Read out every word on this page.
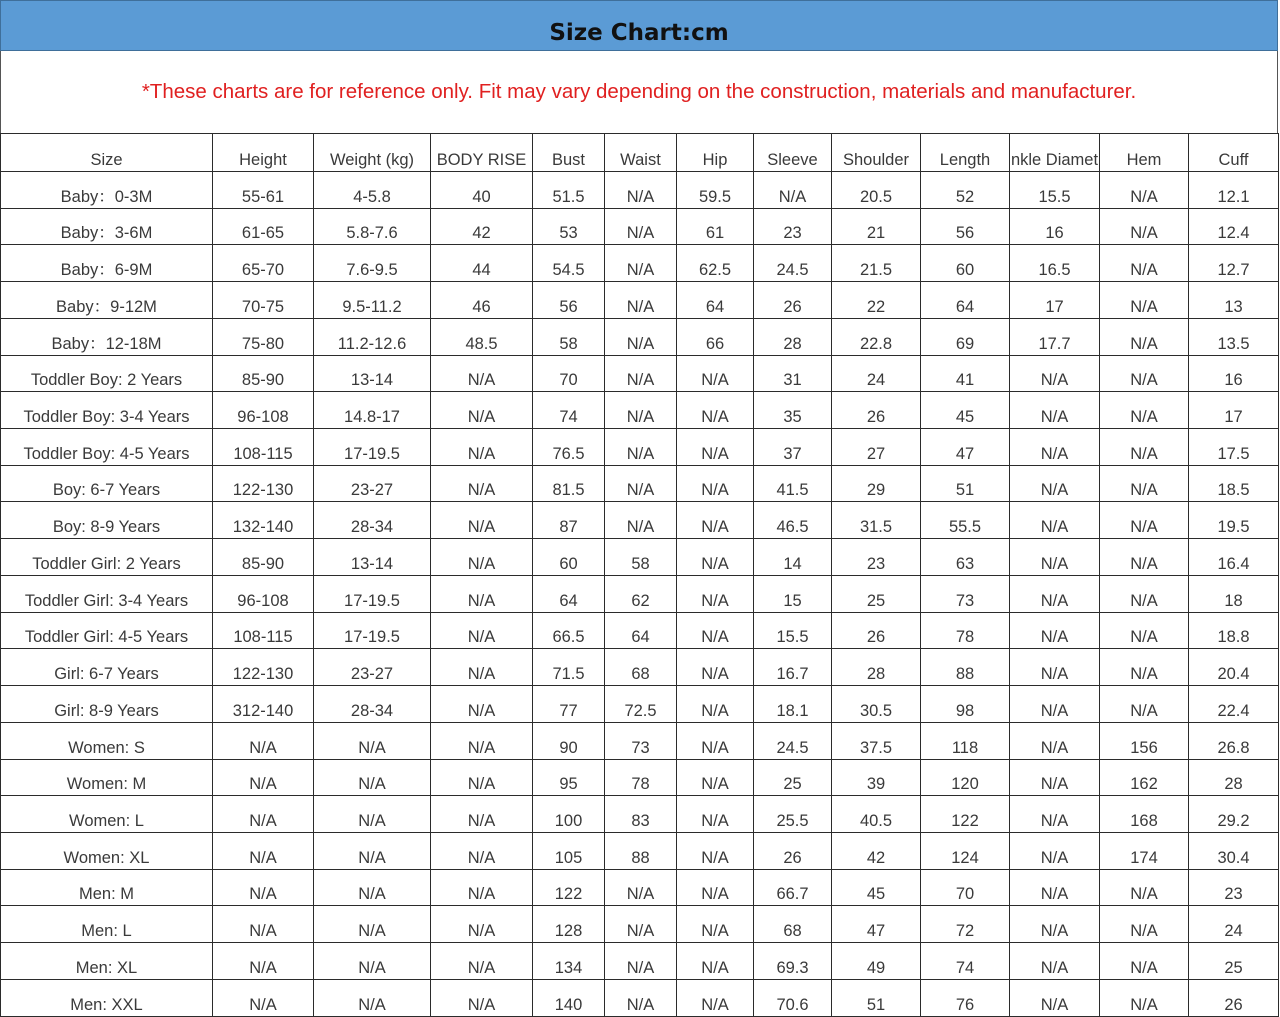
Size Chart:cm
*These charts are for reference only. Fit may vary depending on the construction, materials and manufacturer.
Size	Height	Weight (kg)	BODY RISE	Bust	Waist	Hip	Sleeve	Shoulder	Length	nkle Diamet	Hem	Cuff
Baby：0-3M	55-61	4-5.8	40	51.5	N/A	59.5	N/A	20.5	52	15.5	N/A	12.1
Baby：3-6M	61-65	5.8-7.6	42	53	N/A	61	23	21	56	16	N/A	12.4
Baby：6-9M	65-70	7.6-9.5	44	54.5	N/A	62.5	24.5	21.5	60	16.5	N/A	12.7
Baby：9-12M	70-75	9.5-11.2	46	56	N/A	64	26	22	64	17	N/A	13
Baby：12-18M	75-80	11.2-12.6	48.5	58	N/A	66	28	22.8	69	17.7	N/A	13.5
Toddler Boy: 2 Years	85-90	13-14	N/A	70	N/A	N/A	31	24	41	N/A	N/A	16
Toddler Boy: 3-4 Years	96-108	14.8-17	N/A	74	N/A	N/A	35	26	45	N/A	N/A	17
Toddler Boy: 4-5 Years	108-115	17-19.5	N/A	76.5	N/A	N/A	37	27	47	N/A	N/A	17.5
Boy: 6-7 Years	122-130	23-27	N/A	81.5	N/A	N/A	41.5	29	51	N/A	N/A	18.5
Boy: 8-9 Years	132-140	28-34	N/A	87	N/A	N/A	46.5	31.5	55.5	N/A	N/A	19.5
Toddler Girl: 2 Years	85-90	13-14	N/A	60	58	N/A	14	23	63	N/A	N/A	16.4
Toddler Girl: 3-4 Years	96-108	17-19.5	N/A	64	62	N/A	15	25	73	N/A	N/A	18
Toddler Girl: 4-5 Years	108-115	17-19.5	N/A	66.5	64	N/A	15.5	26	78	N/A	N/A	18.8
Girl: 6-7 Years	122-130	23-27	N/A	71.5	68	N/A	16.7	28	88	N/A	N/A	20.4
Girl: 8-9 Years	312-140	28-34	N/A	77	72.5	N/A	18.1	30.5	98	N/A	N/A	22.4
Women: S	N/A	N/A	N/A	90	73	N/A	24.5	37.5	118	N/A	156	26.8
Women: M	N/A	N/A	N/A	95	78	N/A	25	39	120	N/A	162	28
Women: L	N/A	N/A	N/A	100	83	N/A	25.5	40.5	122	N/A	168	29.2
Women: XL	N/A	N/A	N/A	105	88	N/A	26	42	124	N/A	174	30.4
Men: M	N/A	N/A	N/A	122	N/A	N/A	66.7	45	70	N/A	N/A	23
Men: L	N/A	N/A	N/A	128	N/A	N/A	68	47	72	N/A	N/A	24
Men: XL	N/A	N/A	N/A	134	N/A	N/A	69.3	49	74	N/A	N/A	25
Men: XXL	N/A	N/A	N/A	140	N/A	N/A	70.6	51	76	N/A	N/A	26
